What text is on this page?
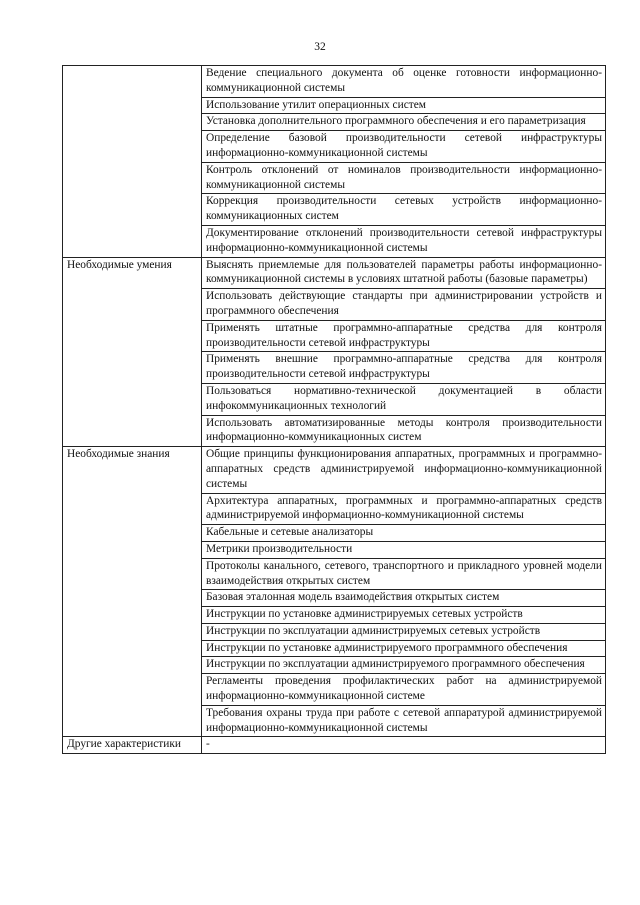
32
	Ведение специального документа об оценке готовности информационно-коммуникационной системы
	Использование утилит операционных систем
	Установка дополнительного программного обеспечения и его параметризация
	Определение базовой производительности сетевой инфраструктуры информационно-коммуникационной системы
	Контроль отклонений от номиналов производительности информационно-коммуникационной системы
	Коррекция производительности сетевых устройств информационно-коммуникационных систем
	Документирование отклонений производительности сетевой инфраструктуры информационно-коммуникационной системы
Необходимые умения	Выяснять приемлемые для пользователей параметры работы информационно-коммуникационной системы в условиях штатной работы (базовые параметры)
	Использовать действующие стандарты при администрировании устройств и программного обеспечения
	Применять штатные программно-аппаратные средства для контроля производительности сетевой инфраструктуры
	Применять внешние программно-аппаратные средства для контроля производительности сетевой инфраструктуры
	Пользоваться нормативно-технической документацией в области инфокоммуникационных технологий
	Использовать автоматизированные методы контроля производительности информационно-коммуникационных систем
Необходимые знания	Общие принципы функционирования аппаратных, программных и программно-аппаратных средств администрируемой информационно-коммуникационной системы
	Архитектура аппаратных, программных и программно-аппаратных средств администрируемой информационно-коммуникационной системы
	Кабельные и сетевые анализаторы
	Метрики производительности
	Протоколы канального, сетевого, транспортного и прикладного уровней модели взаимодействия открытых систем
	Базовая эталонная модель взаимодействия открытых систем
	Инструкции по установке администрируемых сетевых устройств
	Инструкции по эксплуатации администрируемых сетевых устройств
	Инструкции по установке администрируемого программного обеспечения
	Инструкции по эксплуатации администрируемого программного обеспечения
	Регламенты проведения профилактических работ на администрируемой информационно-коммуникационной системе
	Требования охраны труда при работе с сетевой аппаратурой администрируемой информационно-коммуникационной системы
Другие характеристики	-
